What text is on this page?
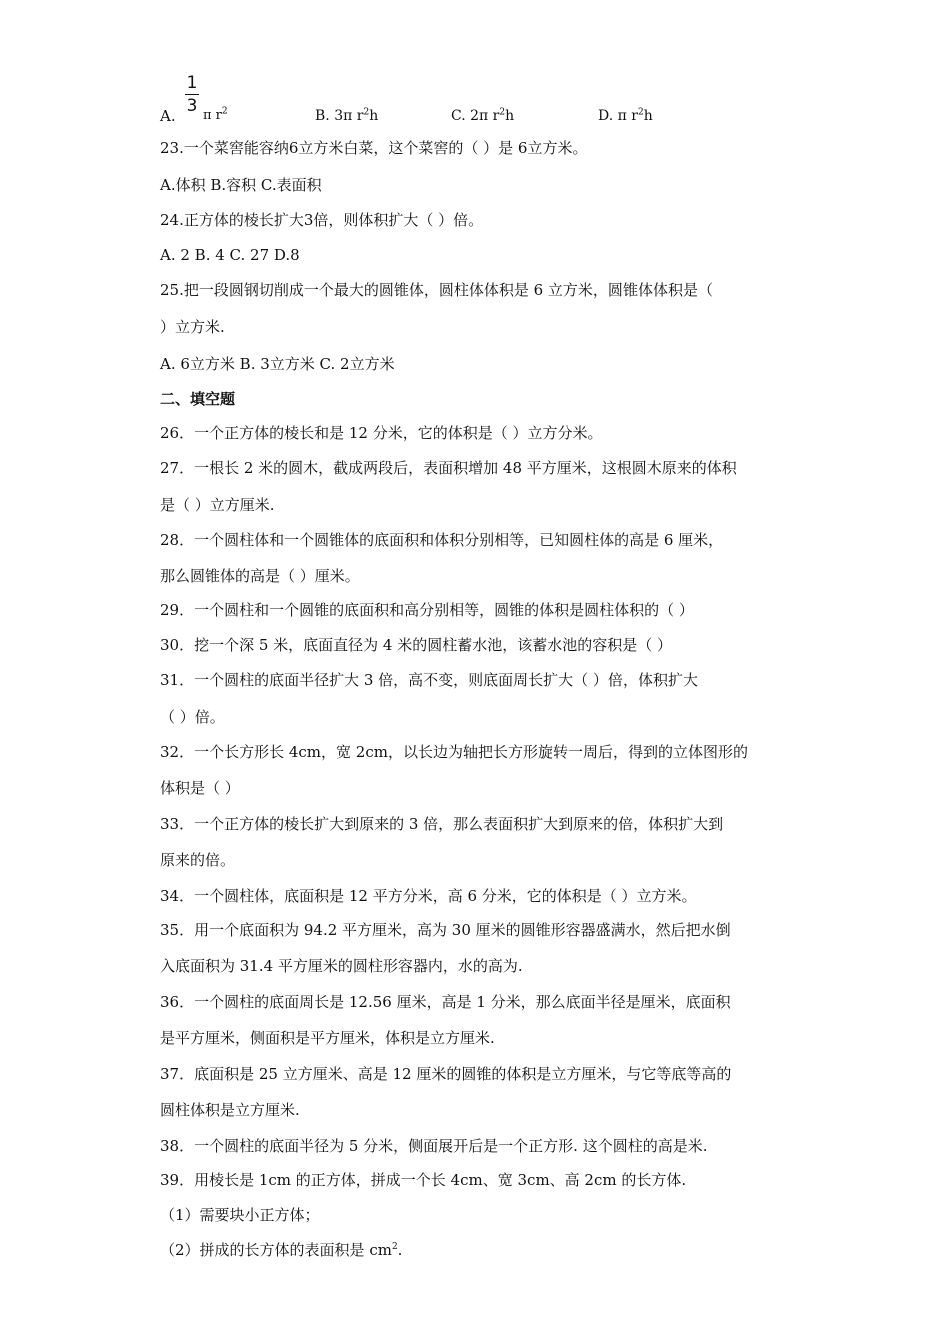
A.
1
3 π $r^2$	B. 3π $r^2h$	C. 2π $r^2h$	D. π $r^2h$
23.一个菜窖能容纳6立方米白菜，这个菜窖的（ ）是 6立方米。
A.体积 B.容积 C.表面积
24.正方体的棱长扩大3倍，则体积扩大（ ）倍。
A. 2 B. 4 C. 27 D.8
25.把一段圆钢切削成一个最大的圆锥体，圆柱体体积是 6 立方米，圆锥体体积是（
）立方米.
A. 6立方米 B. 3立方米 C. 2立方米
二、填空题
26．一个正方体的棱长和是 12 分米，它的体积是（ ）立方分米。
27．一根长 2 米的圆木，截成两段后，表面积增加 48 平方厘米，这根圆木原来的体积
是（ ）立方厘米.
28．一个圆柱体和一个圆锥体的底面积和体积分别相等，已知圆柱体的高是 6 厘米，
那么圆锥体的高是（ ）厘米。
29．一个圆柱和一个圆锥的底面积和高分别相等，圆锥的体积是圆柱体积的（ ）
30．挖一个深 5 米，底面直径为 4 米的圆柱蓄水池，该蓄水池的容积是（ ）
31．一个圆柱的底面半径扩大 3 倍，高不变，则底面周长扩大（ ）倍，体积扩大
（ ）倍。
32．一个长方形长 4cm，宽 2cm，以长边为轴把长方形旋转一周后，得到的立体图形的
体积是（ ）
33．一个正方体的棱长扩大到原来的 3 倍，那么表面积扩大到原来的倍，体积扩大到
原来的倍。
34．一个圆柱体，底面积是 12 平方分米，高 6 分米，它的体积是（ ）立方米。
35．用一个底面积为 94.2 平方厘米，高为 30 厘米的圆锥形容器盛满水，然后把水倒
入底面积为 31.4 平方厘米的圆柱形容器内，水的高为.
36．一个圆柱的底面周长是 12.56 厘米，高是 1 分米，那么底面半径是厘米，底面积
是平方厘米，侧面积是平方厘米，体积是立方厘米.
37．底面积是 25 立方厘米、高是 12 厘米的圆锥的体积是立方厘米，与它等底等高的
圆柱体积是立方厘米.
38．一个圆柱的底面半径为 5 分米，侧面展开后是一个正方形. 这个圆柱的高是米.
39．用棱长是 1cm 的正方体，拼成一个长 4cm、宽 3cm、高 2cm 的长方体.
（1）需要块小正方体；
（2）拼成的长方体的表面积是 $cm^2$.
